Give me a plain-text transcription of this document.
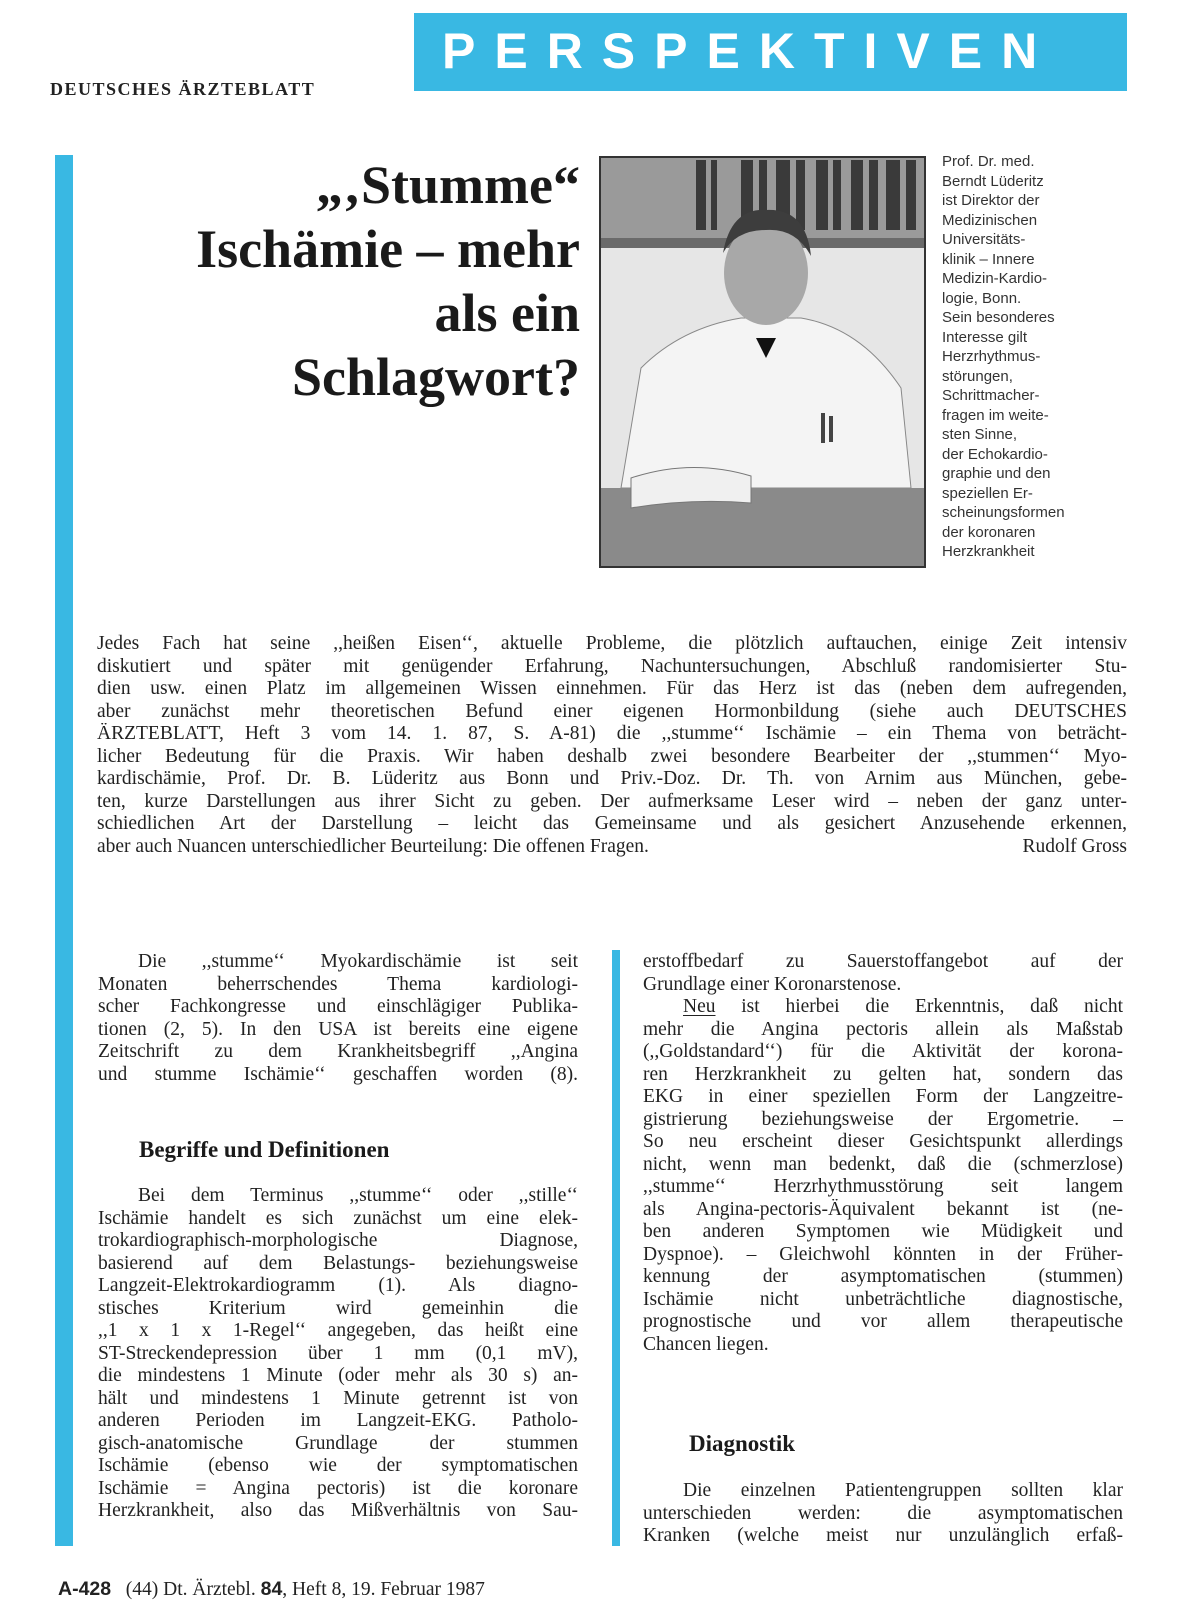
PERSPEKTIVEN
DEUTSCHES ÄRZTEBLATT
„‚Stumme“
Ischämie – mehr
als ein
Schlagwort?
Prof. Dr. med.
Berndt Lüderitz
ist Direktor der
Medizinischen
Universitäts-
klinik – Innere
Medizin-Kardio-
logie, Bonn.
Sein besonderes
Interesse gilt
Herzrhythmus-
störungen,
Schrittmacher-
fragen im weite-
sten Sinne,
der Echokardio-
graphie und den
speziellen Er-
scheinungsformen
der koronaren
Herzkrankheit
Jedes Fach hat seine ,,heißen Eisen‘‘, aktuelle Probleme, die plötzlich auftauchen, einige Zeit intensiv
diskutiert und später mit genügender Erfahrung, Nachuntersuchungen, Abschluß randomisierter Stu-
dien usw. einen Platz im allgemeinen Wissen einnehmen. Für das Herz ist das (neben dem aufregenden,
aber zunächst mehr theoretischen Befund einer eigenen Hormonbildung (siehe auch DEUTSCHES
ÄRZTEBLATT, Heft 3 vom 14. 1. 87, S. A-81) die ,,stumme‘‘ Ischämie – ein Thema von beträcht-
licher Bedeutung für die Praxis. Wir haben deshalb zwei besondere Bearbeiter der ,,stummen‘‘ Myo-
kardischämie, Prof. Dr. B. Lüderitz aus Bonn und Priv.-Doz. Dr. Th. von Arnim aus München, gebe-
ten, kurze Darstellungen aus ihrer Sicht zu geben. Der aufmerksame Leser wird – neben der ganz unter-
schiedlichen Art der Darstellung – leicht das Gemeinsame und als gesichert Anzusehende erkennen,
aber auch Nuancen unterschiedlicher Beurteilung: Die offenen Fragen.	Rudolf Gross

Die ,,stumme‘‘ Myokardischämie ist seit
Monaten beherrschendes Thema kardiologi-
scher Fachkongresse und einschlägiger Publika-
tionen (2, 5). In den USA ist bereits eine eigene
Zeitschrift zu dem Krankheitsbegriff ,,Angina
und stumme Ischämie‘‘ geschaffen worden (8).

Begriffe und Definitionen

Bei dem Terminus ,,stumme‘‘ oder ,,stille‘‘
Ischämie handelt es sich zunächst um eine elek-
trokardiographisch-morphologische Diagnose,
basierend auf dem Belastungs- beziehungsweise
Langzeit-Elektrokardiogramm (1). Als diagno-
stisches Kriterium wird gemeinhin die
,,1 x 1 x 1-Regel‘‘ angegeben, das heißt eine
ST-Streckendepression über 1 mm (0,1 mV),
die mindestens 1 Minute (oder mehr als 30 s) an-
hält und mindestens 1 Minute getrennt ist von
anderen Perioden im Langzeit-EKG. Patholo-
gisch-anatomische Grundlage der stummen
Ischämie (ebenso wie der symptomatischen
Ischämie = Angina pectoris) ist die koronare
Herzkrankheit, also das Mißverhältnis von Sau-

erstoffbedarf zu Sauerstoffangebot auf der
Grundlage einer Koronarstenose.

Neu ist hierbei die Erkenntnis, daß nicht
mehr die Angina pectoris allein als Maßstab
(,,Goldstandard‘‘) für die Aktivität der korona-
ren Herzkrankheit zu gelten hat, sondern das
EKG in einer speziellen Form der Langzeitre-
gistrierung beziehungsweise der Ergometrie. –
So neu erscheint dieser Gesichtspunkt allerdings
nicht, wenn man bedenkt, daß die (schmerzlose)
,,stumme‘‘ Herzrhythmusstörung seit langem
als Angina-pectoris-Äquivalent bekannt ist (ne-
ben anderen Symptomen wie Müdigkeit und
Dyspnoe). – Gleichwohl könnten in der Früher-
kennung der asymptomatischen (stummen)
Ischämie nicht unbeträchtliche diagnostische,
prognostische und vor allem therapeutische
Chancen liegen.

Diagnostik

Die einzelnen Patientengruppen sollten klar
unterschieden werden: die asymptomatischen
Kranken (welche meist nur unzulänglich erfaß-

A-428 (44) Dt. Ärztebl. 84, Heft 8, 19. Februar 1987
